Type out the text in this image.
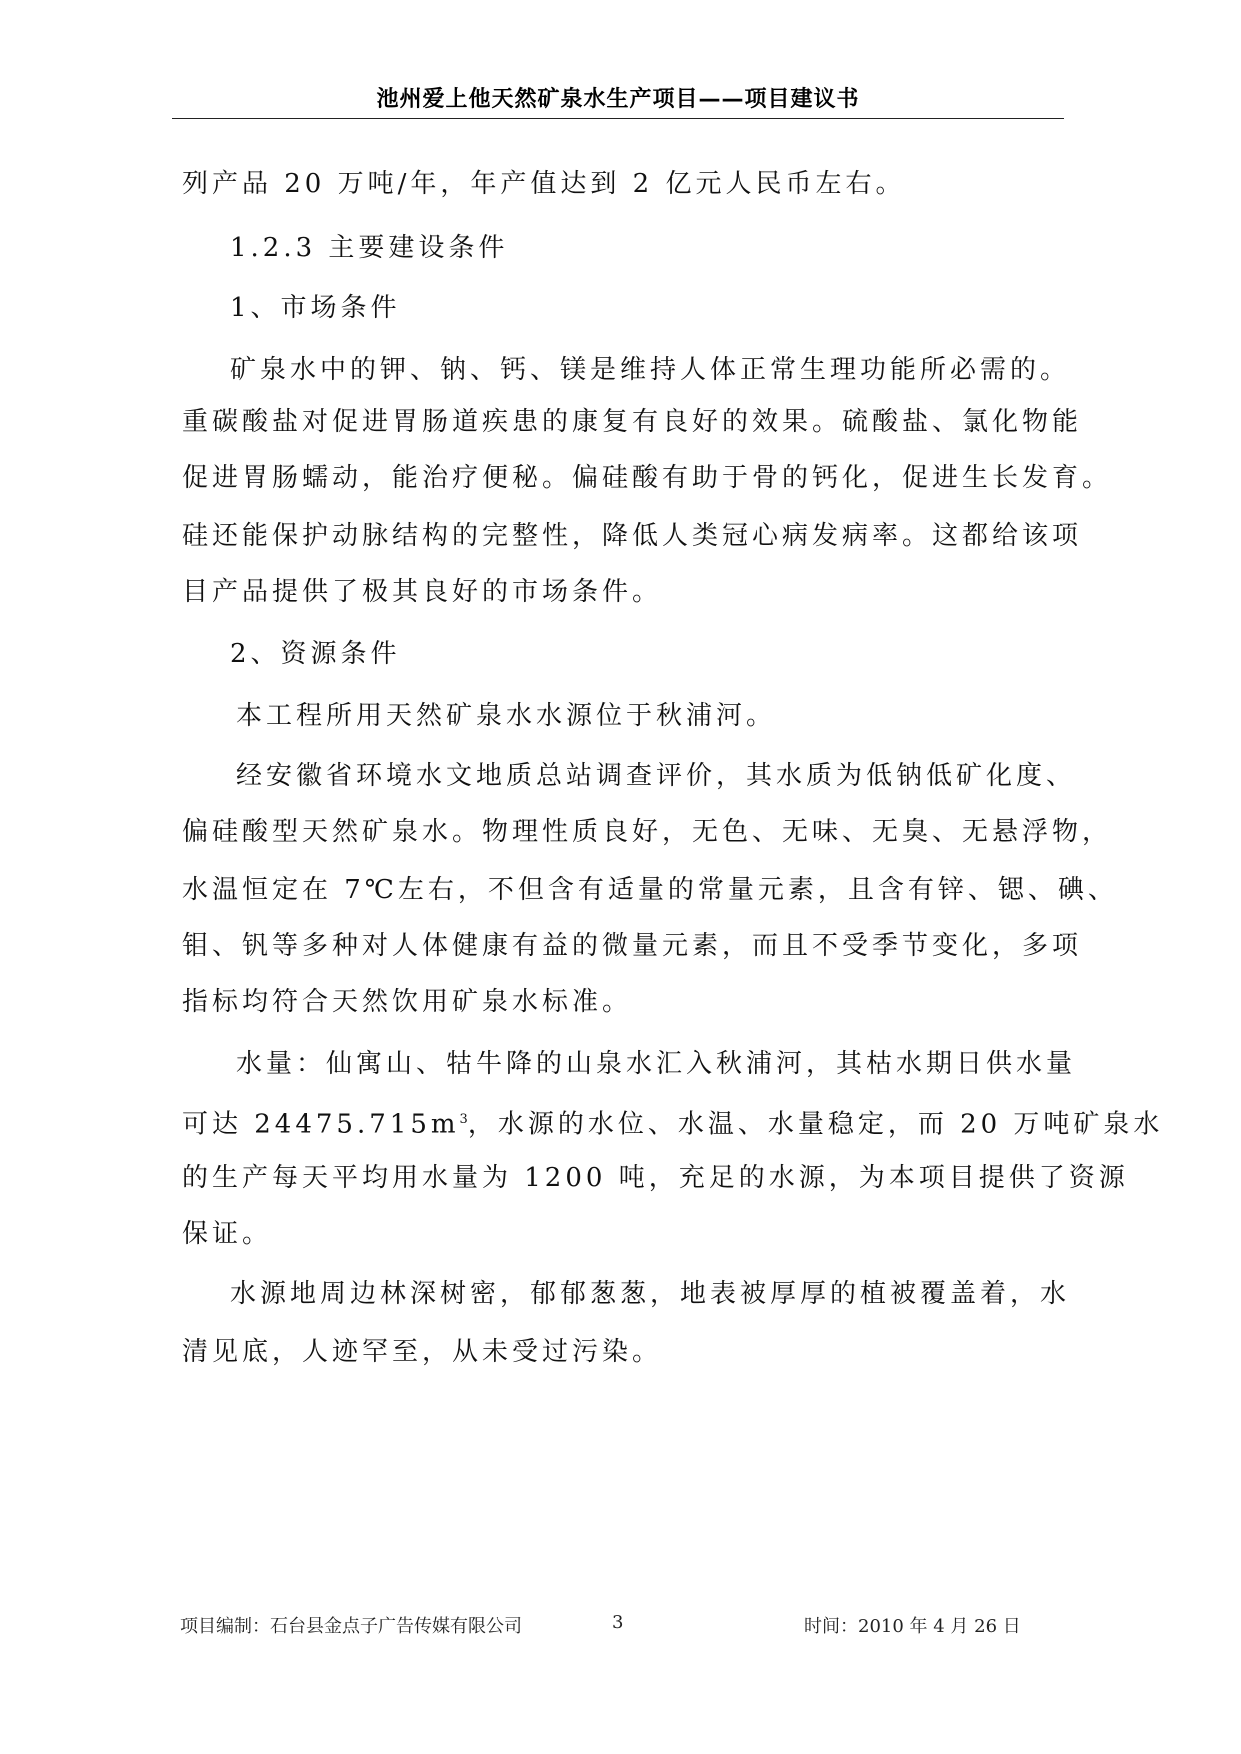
池州爱上他天然矿泉水生产项目——项目建议书

列产品 20 万吨/年，年产值达到 2 亿元人民币左右。

1.2.3 主要建设条件

1、市场条件

矿泉水中的钾、钠、钙、镁是维持人体正常生理功能所必需的。

重碳酸盐对促进胃肠道疾患的康复有良好的效果。硫酸盐、氯化物能

促进胃肠蠕动，能治疗便秘。偏硅酸有助于骨的钙化，促进生长发育。

硅还能保护动脉结构的完整性，降低人类冠心病发病率。这都给该项

目产品提供了极其良好的市场条件。

2、资源条件

本工程所用天然矿泉水水源位于秋浦河。

经安徽省环境水文地质总站调查评价，其水质为低钠低矿化度、

偏硅酸型天然矿泉水。物理性质良好，无色、无味、无臭、无悬浮物，

水温恒定在 7℃左右，不但含有适量的常量元素，且含有锌、锶、碘、

钼、钒等多种对人体健康有益的微量元素，而且不受季节变化，多项

指标均符合天然饮用矿泉水标准。

水量：仙寓山、牯牛降的山泉水汇入秋浦河，其枯水期日供水量

可达 $24475.715m^3$，水源的水位、水温、水量稳定，而 20 万吨矿泉水

的生产每天平均用水量为 1200 吨，充足的水源，为本项目提供了资源

保证。

水源地周边林深树密，郁郁葱葱，地表被厚厚的植被覆盖着，水

清见底，人迹罕至，从未受过污染。

项目编制：石台县金点子广告传媒有限公司	3	时间：2010 年 4 月 26 日
